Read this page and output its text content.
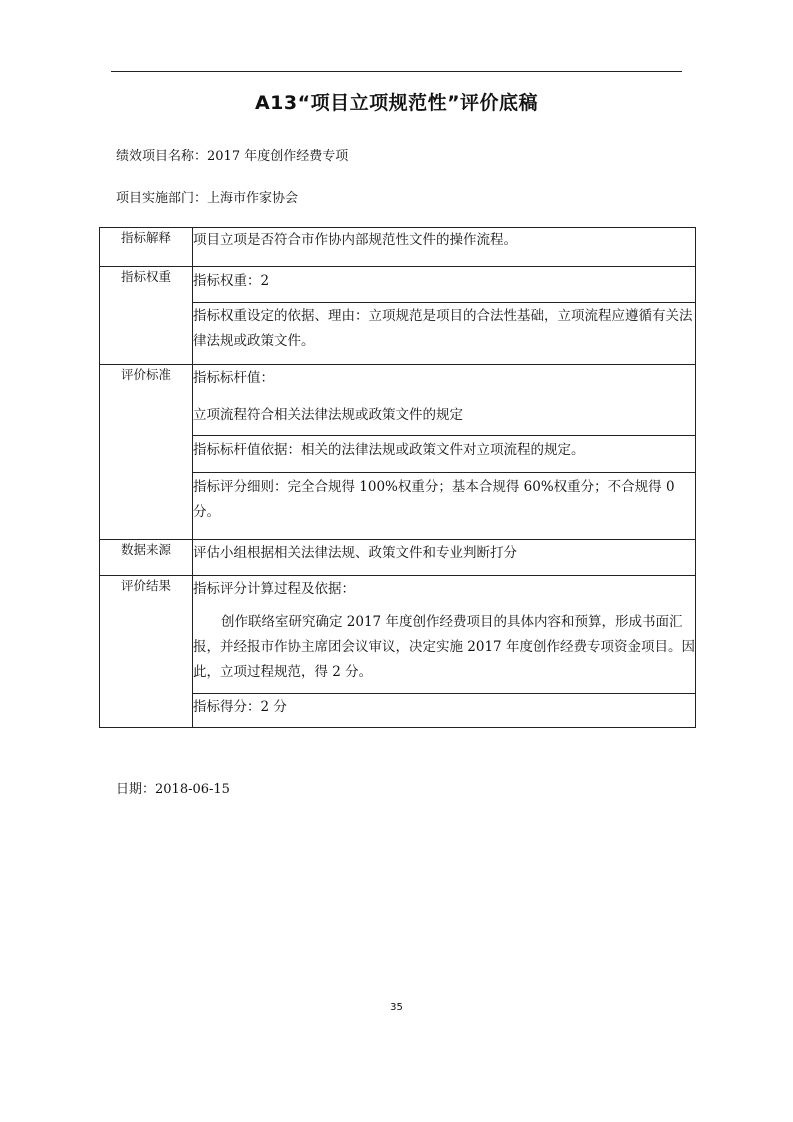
A13“项目立项规范性”评价底稿
绩效项目名称：2017 年度创作经费专项
项目实施部门：上海市作家协会
指标解释	项目立项是否符合市作协内部规范性文件的操作流程。
指标权重	指标权重：2
	指标权重设定的依据、理由：立项规范是项目的合法性基础，立项流程应遵循有关法律法规或政策文件。
评价标准	指标标杆值：

立项流程符合相关法律法规或政策文件的规定

	指标标杆值依据：相关的法律法规或政策文件对立项流程的规定。
	指标评分细则：完全合规得 100%权重分；基本合规得 60%权重分；不合规得 0 分。
数据来源	评估小组根据相关法律法规、政策文件和专业判断打分
评价结果	指标评分计算过程及依据：

创作联络室研究确定 2017 年度创作经费项目的具体内容和预算，形成书面汇报，并经报市作协主席团会议审议，决定实施 2017 年度创作经费专项资金项目。因此，立项过程规范，得 2 分。

	指标得分：2 分
日期：2018-06-15
35
